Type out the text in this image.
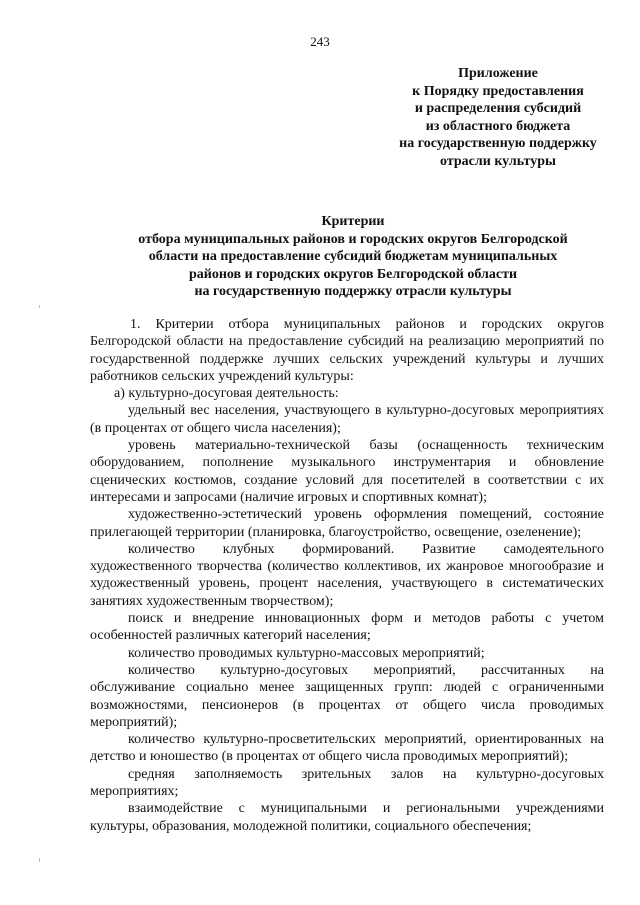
243
Приложение
к Порядку предоставления
и распределения субсидий
из областного бюджета
на государственную поддержку
отрасли культуры
Критерии
отбора муниципальных районов и городских округов Белгородской
области на предоставление субсидий бюджетам муниципальных
районов и городских округов Белгородской области
на государственную поддержку отрасли культуры

1. Критерии отбора муниципальных районов и городских округов Белгородской области на предоставление субсидий на реализацию мероприятий по государственной поддержке лучших сельских учреждений культуры и лучших работников сельских учреждений культуры:

а) культурно-досуговая деятельность:

удельный вес населения, участвующего в культурно-досуговых мероприятиях (в процентах от общего числа населения);

уровень материально-технической базы (оснащенность техническим оборудованием, пополнение музыкального инструментария и обновление сценических костюмов, создание условий для посетителей в соответствии с их интересами и запросами (наличие игровых и спортивных комнат);

художественно-эстетический уровень оформления помещений, состояние прилегающей территории (планировка, благоустройство, освещение, озеленение);

количество клубных формирований. Развитие самодеятельного художественного творчества (количество коллективов, их жанровое многообразие и художественный уровень, процент населения, участвующего в систематических занятиях художественным творчеством);

поиск и внедрение инновационных форм и методов работы с учетом особенностей различных категорий населения;

количество проводимых культурно-массовых мероприятий;

количество культурно-досуговых мероприятий, рассчитанных на обслуживание социально менее защищенных групп: людей с ограниченными возможностями, пенсионеров (в процентах от общего числа проводимых мероприятий);

количество культурно-просветительских мероприятий, ориентированных на детство и юношество (в процентах от общего числа проводимых мероприятий);

средняя заполняемость зрительных залов на культурно-досуговых мероприятиях;

взаимодействие с муниципальными и региональными учреждениями культуры, образования, молодежной политики, социального обеспечения;
